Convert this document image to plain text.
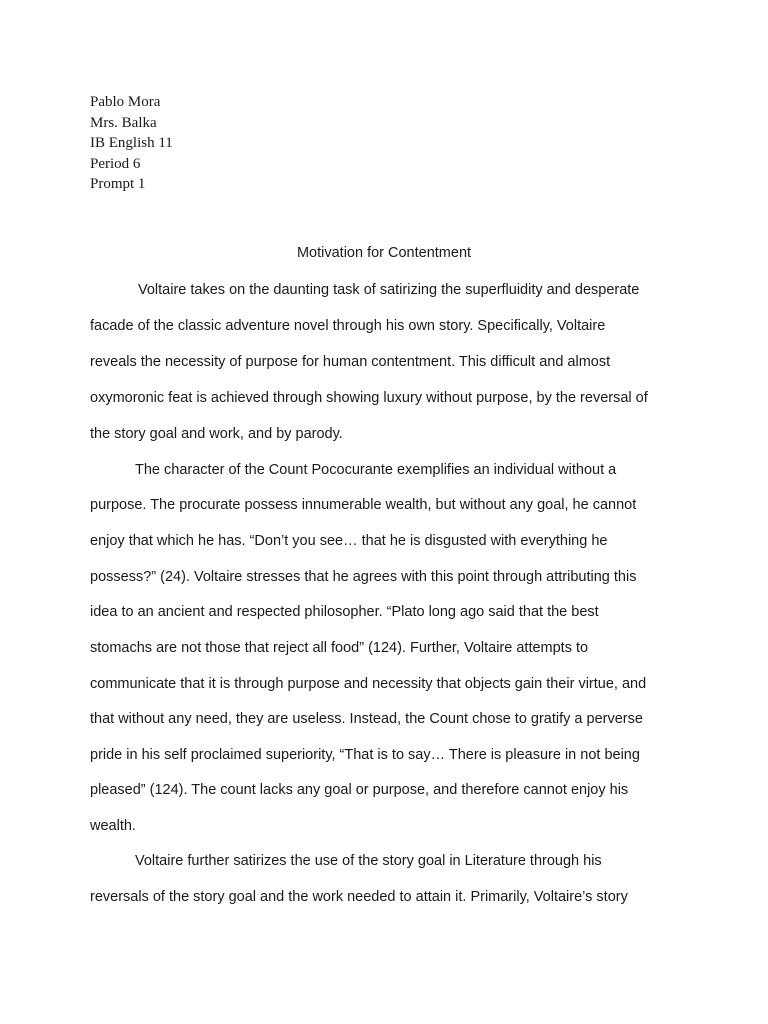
Pablo Mora
Mrs. Balka
IB English 11
Period 6
Prompt 1
Motivation for Contentment
Voltaire takes on the daunting task of satirizing the superfluidity and desperate
facade of the classic adventure novel through his own story. Specifically, Voltaire
reveals the necessity of purpose for human contentment. This difficult and almost
oxymoronic feat is achieved through showing luxury without purpose, by the reversal of
the story goal and work, and by parody.
The character of the Count Pococurante exemplifies an individual without a
purpose. The procurate possess innumerable wealth, but without any goal, he cannot
enjoy that which he has. “Don’t you see… that he is disgusted with everything he
possess?” (24). Voltaire stresses that he agrees with this point through attributing this
idea to an ancient and respected philosopher. “Plato long ago said that the best
stomachs are not those that reject all food” (124). Further, Voltaire attempts to
communicate that it is through purpose and necessity that objects gain their virtue, and
that without any need, they are useless. Instead, the Count chose to gratify a perverse
pride in his self proclaimed superiority, “That is to say… There is pleasure in not being
pleased” (124). The count lacks any goal or purpose, and therefore cannot enjoy his
wealth.
Voltaire further satirizes the use of the story goal in Literature through his
reversals of the story goal and the work needed to attain it. Primarily, Voltaire’s story
